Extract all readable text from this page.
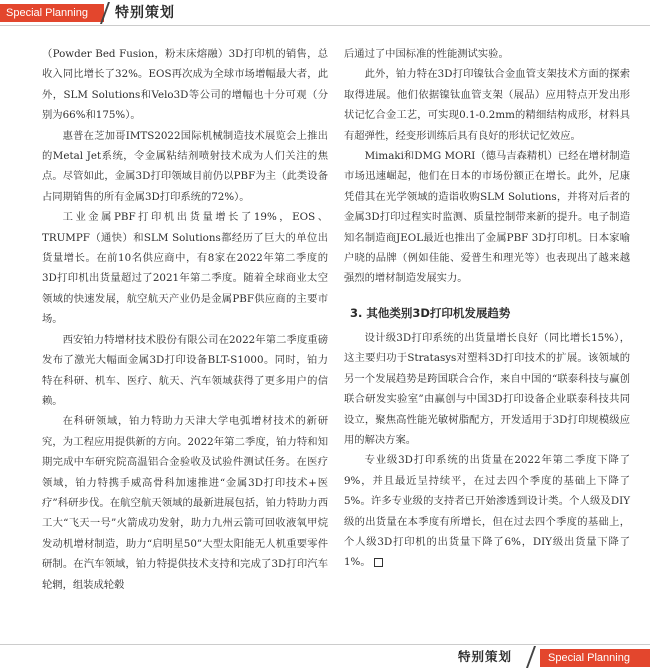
Special Planning	特别策划

（Powder Bed Fusion，粉末床熔融）3D打印机的销售，总收入同比增长了32%。EOS再次成为全球市场增幅最大者，此外，SLM Solutions和Velo3D等公司的增幅也十分可观（分别为66%和175%）。

惠普在芝加哥IMTS2022国际机械制造技术展览会上推出的Metal Jet系统，令金属粘结剂喷射技术成为人们关注的焦点。尽管如此，金属3D打印领域目前仍以PBF为主（此类设备占同期销售的所有金属3D打印系统的72%）。

工业金属PBF打印机出货量增长了19%，EOS、TRUMPF（通快）和SLM Solutions都经历了巨大的单位出货量增长。在前10名供应商中，有8家在2022年第二季度的3D打印机出货量超过了2021年第二季度。随着全球商业太空领域的快速发展，航空航天产业仍是金属PBF供应商的主要市场。

西安铂力特增材技术股份有限公司在2022年第二季度重磅发布了激光大幅面金属3D打印设备BLT-S1000。同时，铂力特在科研、机车、医疗、航天、汽车领域获得了更多用户的信赖。

在科研领域，铂力特助力天津大学电弧增材技术的新研究，为工程应用提供新的方向。2022年第二季度，铂力特和知期完成中车研究院高温铝合金验收及试验件测试任务。在医疗领域，铂力特携手威高骨科加速推进“金属3D打印技术+医疗”科研步伐。在航空航天领域的最新进展包括，铂力特助力西工大“飞天一号”火箭成功发射，助力九州云箭可回收液氧甲烷发动机增材制造，助力“启明星50”大型太阳能无人机重要零件研制。在汽车领域，铂力特提供技术支持和完成了3D打印汽车轮辋，组装成轮毂

后通过了中国标准的性能测试实验。

此外，铂力特在3D打印镍钛合金血管支架技术方面的探索取得进展。他们依据镍钛血管支架（展品）应用特点开发出形状记忆合金工艺，可实现0.1-0.2mm的精细结构成形，材料具有超弹性，经变形训练后具有良好的形状记忆效应。

Mimaki和DMG MORI（德马吉森精机）已经在增材制造市场迅速崛起，他们在日本的市场份额正在增长。此外，尼康凭借其在光学领域的造诣收购SLM Solutions，并将对后者的金属3D打印过程实时监测、质量控制带来新的提升。电子制造知名制造商JEOL最近也推出了金属PBF 3D打印机。日本家喻户晓的品牌（例如佳能、爱普生和理光等）也表现出了越来越强烈的增材制造发展实力。

3. 其他类别3D打印机发展趋势

设计级3D打印系统的出货量增长良好（同比增长15%），这主要归功于Stratasys对塑料3D打印技术的扩展。该领域的另一个发展趋势是跨国联合合作，来自中国的“联泰科技与赢创联合研发实验室”由赢创与中国3D打印设备企业联泰科技共同设立，聚焦高性能光敏树脂配方，开发适用于3D打印规模级应用的解决方案。

专业级3D打印系统的出货量在2022年第二季度下降了9%，并且最近呈持续平，在过去四个季度的基础上下降了5%。许多专业级的支持者已开始渗透到设计类。个人级及DIY级的出货量在本季度有所增长，但在过去四个季度的基础上，个人级3D打印机的出货量下降了6%，DIY级出货量下降了1%。

特别策划	Special Planning
